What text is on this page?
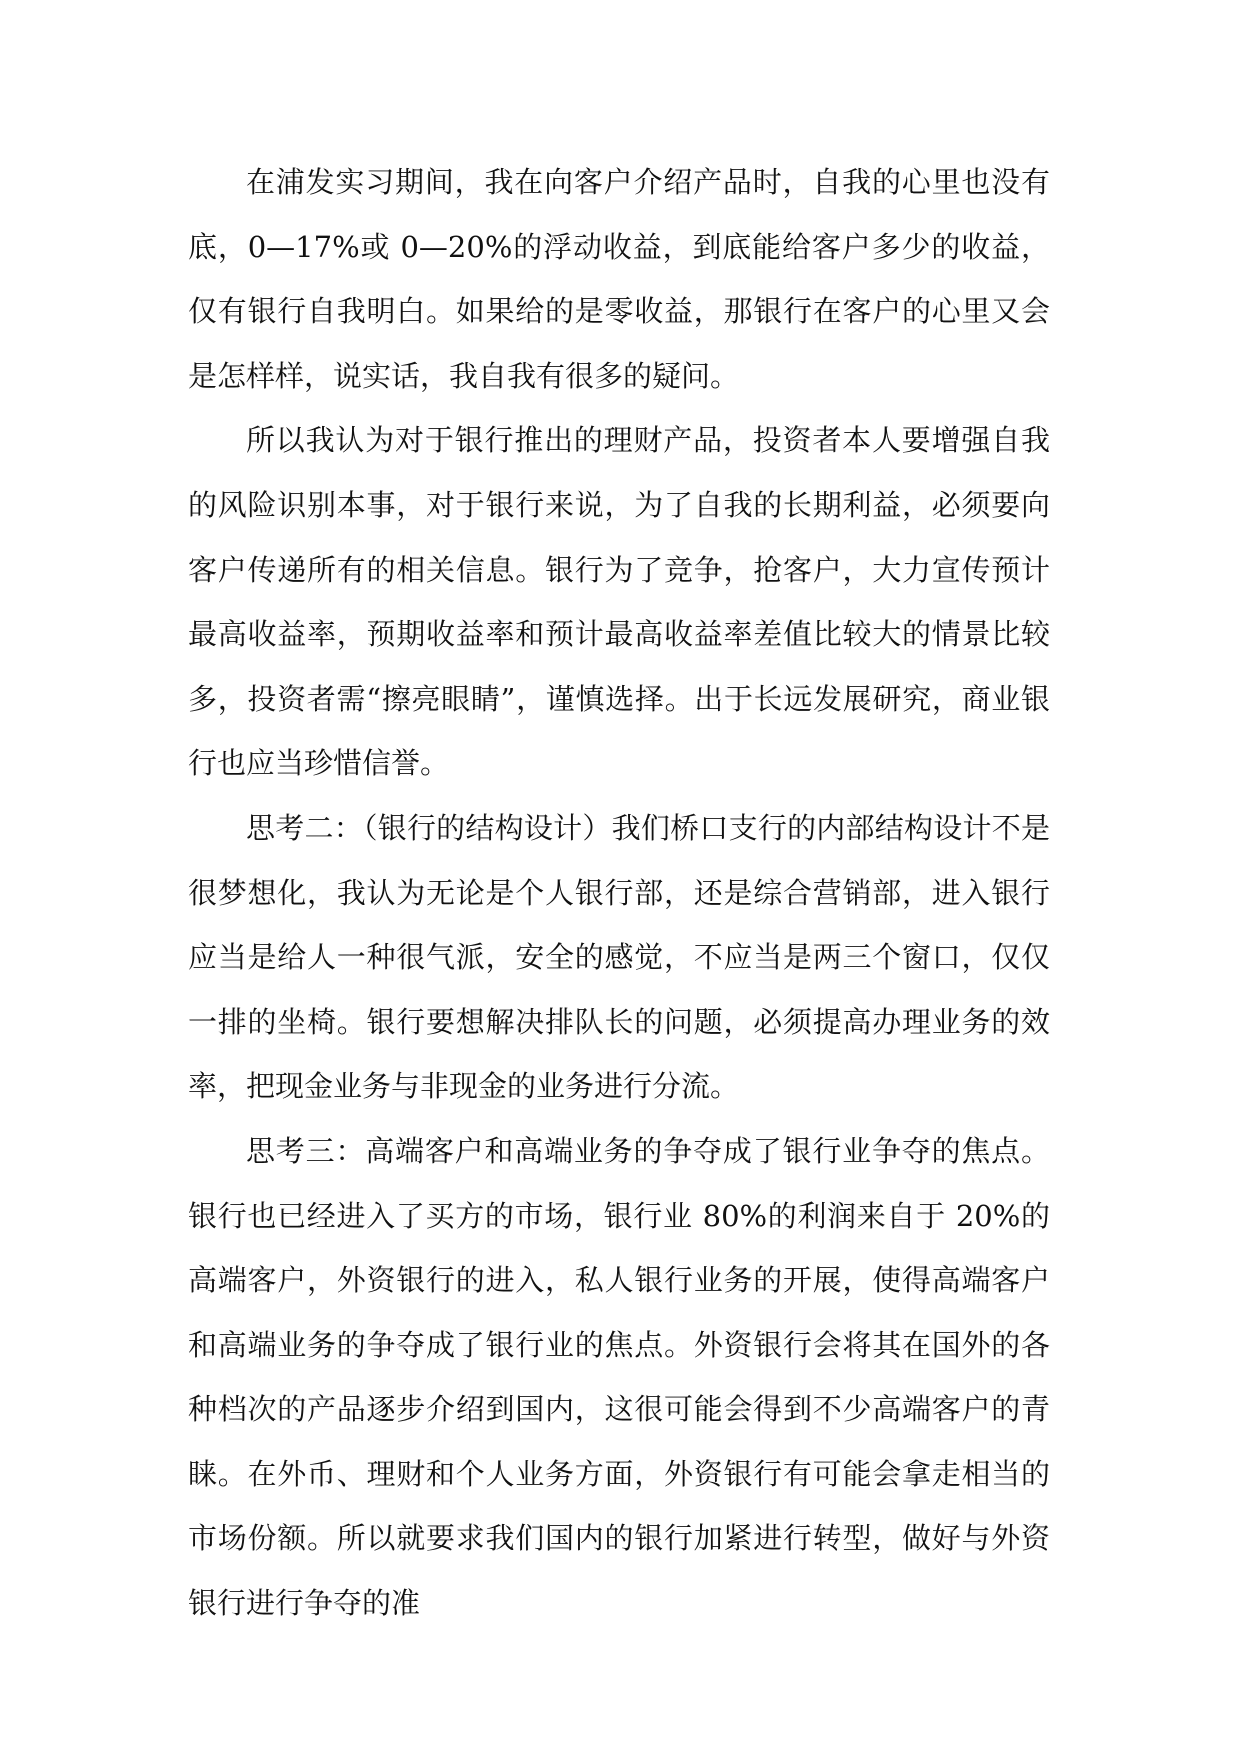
在浦发实习期间，我在向客户介绍产品时，自我的心里也没有底，0—17%或 0—20%的浮动收益，到底能给客户多少的收益，仅有银行自我明白。如果给的是零收益，那银行在客户的心里又会是怎样样，说实话，我自我有很多的疑问。

所以我认为对于银行推出的理财产品，投资者本人要增强自我的风险识别本事，对于银行来说，为了自我的长期利益，必须要向客户传递所有的相关信息。银行为了竞争，抢客户，大力宣传预计最高收益率，预期收益率和预计最高收益率差值比较大的情景比较多，投资者需“擦亮眼睛”，谨慎选择。出于长远发展研究，商业银行也应当珍惜信誉。

思考二：（银行的结构设计）我们桥口支行的内部结构设计不是很梦想化，我认为无论是个人银行部，还是综合营销部，进入银行应当是给人一种很气派，安全的感觉，不应当是两三个窗口，仅仅一排的坐椅。银行要想解决排队长的问题，必须提高办理业务的效率，把现金业务与非现金的业务进行分流。

思考三：高端客户和高端业务的争夺成了银行业争夺的焦点。银行也已经进入了买方的市场，银行业 80%的利润来自于 20%的高端客户，外资银行的进入，私人银行业务的开展，使得高端客户和高端业务的争夺成了银行业的焦点。外资银行会将其在国外的各种档次的产品逐步介绍到国内，这很可能会得到不少高端客户的青睐。在外币、理财和个人业务方面，外资银行有可能会拿走相当的市场份额。所以就要求我们国内的银行加紧进行转型，做好与外资银行进行争夺的准
